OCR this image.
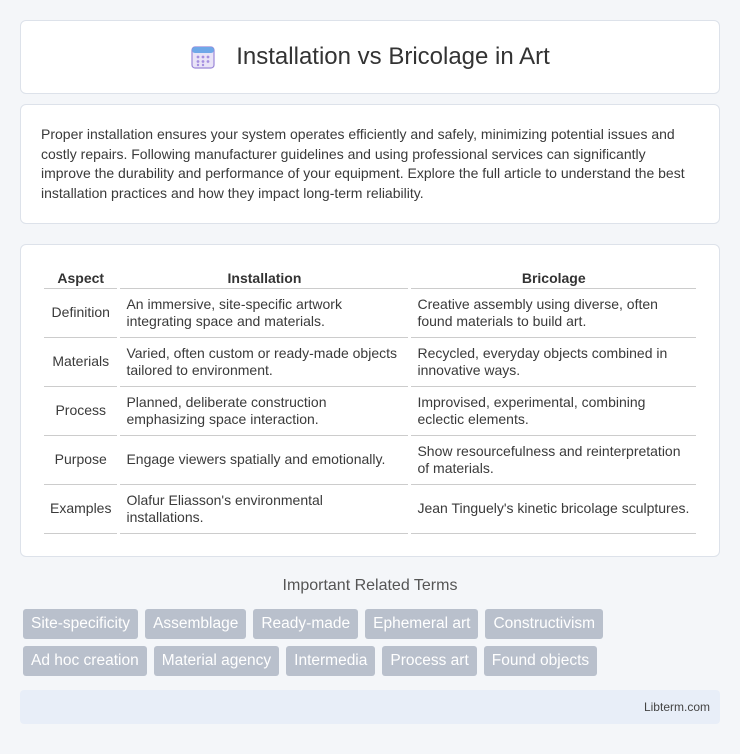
Installation vs Bricolage in Art

Proper installation ensures your system operates efficiently and safely, minimizing potential issues and costly repairs. Following manufacturer guidelines and using professional services can significantly improve the durability and performance of your equipment. Explore the full article to understand the best installation practices and how they impact long-term reliability.

Aspect	Installation	Bricolage
Definition	An immersive, site-specific artwork integrating space and materials.	Creative assembly using diverse, often found materials to build art.
Materials	Varied, often custom or ready-made objects tailored to environment.	Recycled, everyday objects combined in innovative ways.
Process	Planned, deliberate construction emphasizing space interaction.	Improvised, experimental, combining eclectic elements.
Purpose	Engage viewers spatially and emotionally.	Show resourcefulness and reinterpretation of materials.
Examples	Olafur Eliasson's environmental installations.	Jean Tinguely's kinetic bricolage sculptures.
Important Related Terms
Site-specificity	Assemblage	Ready-made	Ephemeral art	Constructivism
Ad hoc creation	Material agency	Intermedia	Process art	Found objects
Libterm.com
